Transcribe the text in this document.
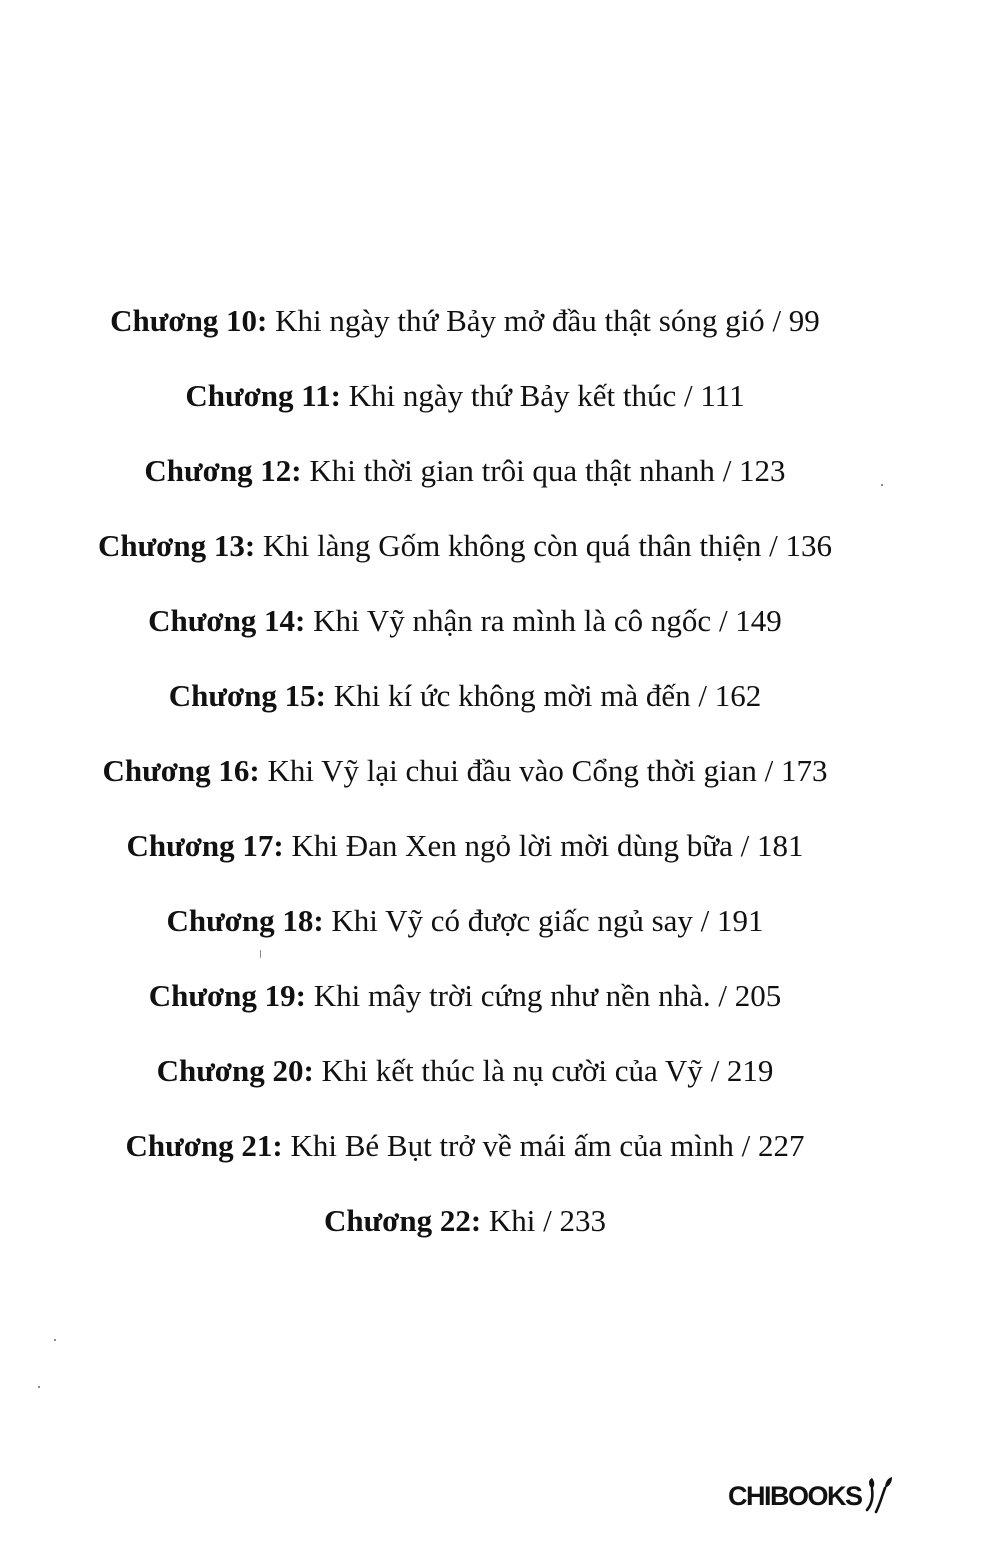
Chương 10: Khi ngày thứ Bảy mở đầu thật sóng gió / 99
Chương 11: Khi ngày thứ Bảy kết thúc / 111
Chương 12: Khi thời gian trôi qua thật nhanh / 123
Chương 13: Khi làng Gốm không còn quá thân thiện / 136
Chương 14: Khi Vỹ nhận ra mình là cô ngốc / 149
Chương 15: Khi kí ức không mời mà đến / 162
Chương 16: Khi Vỹ lại chui đầu vào Cổng thời gian / 173
Chương 17: Khi Đan Xen ngỏ lời mời dùng bữa / 181
Chương 18: Khi Vỹ có được giấc ngủ say / 191
Chương 19: Khi mây trời cứng như nền nhà. / 205
Chương 20: Khi kết thúc là nụ cười của Vỹ / 219
Chương 21: Khi Bé Bụt trở về mái ấm của mình / 227
Chương 22: Khi / 233
CHIBOOKS
